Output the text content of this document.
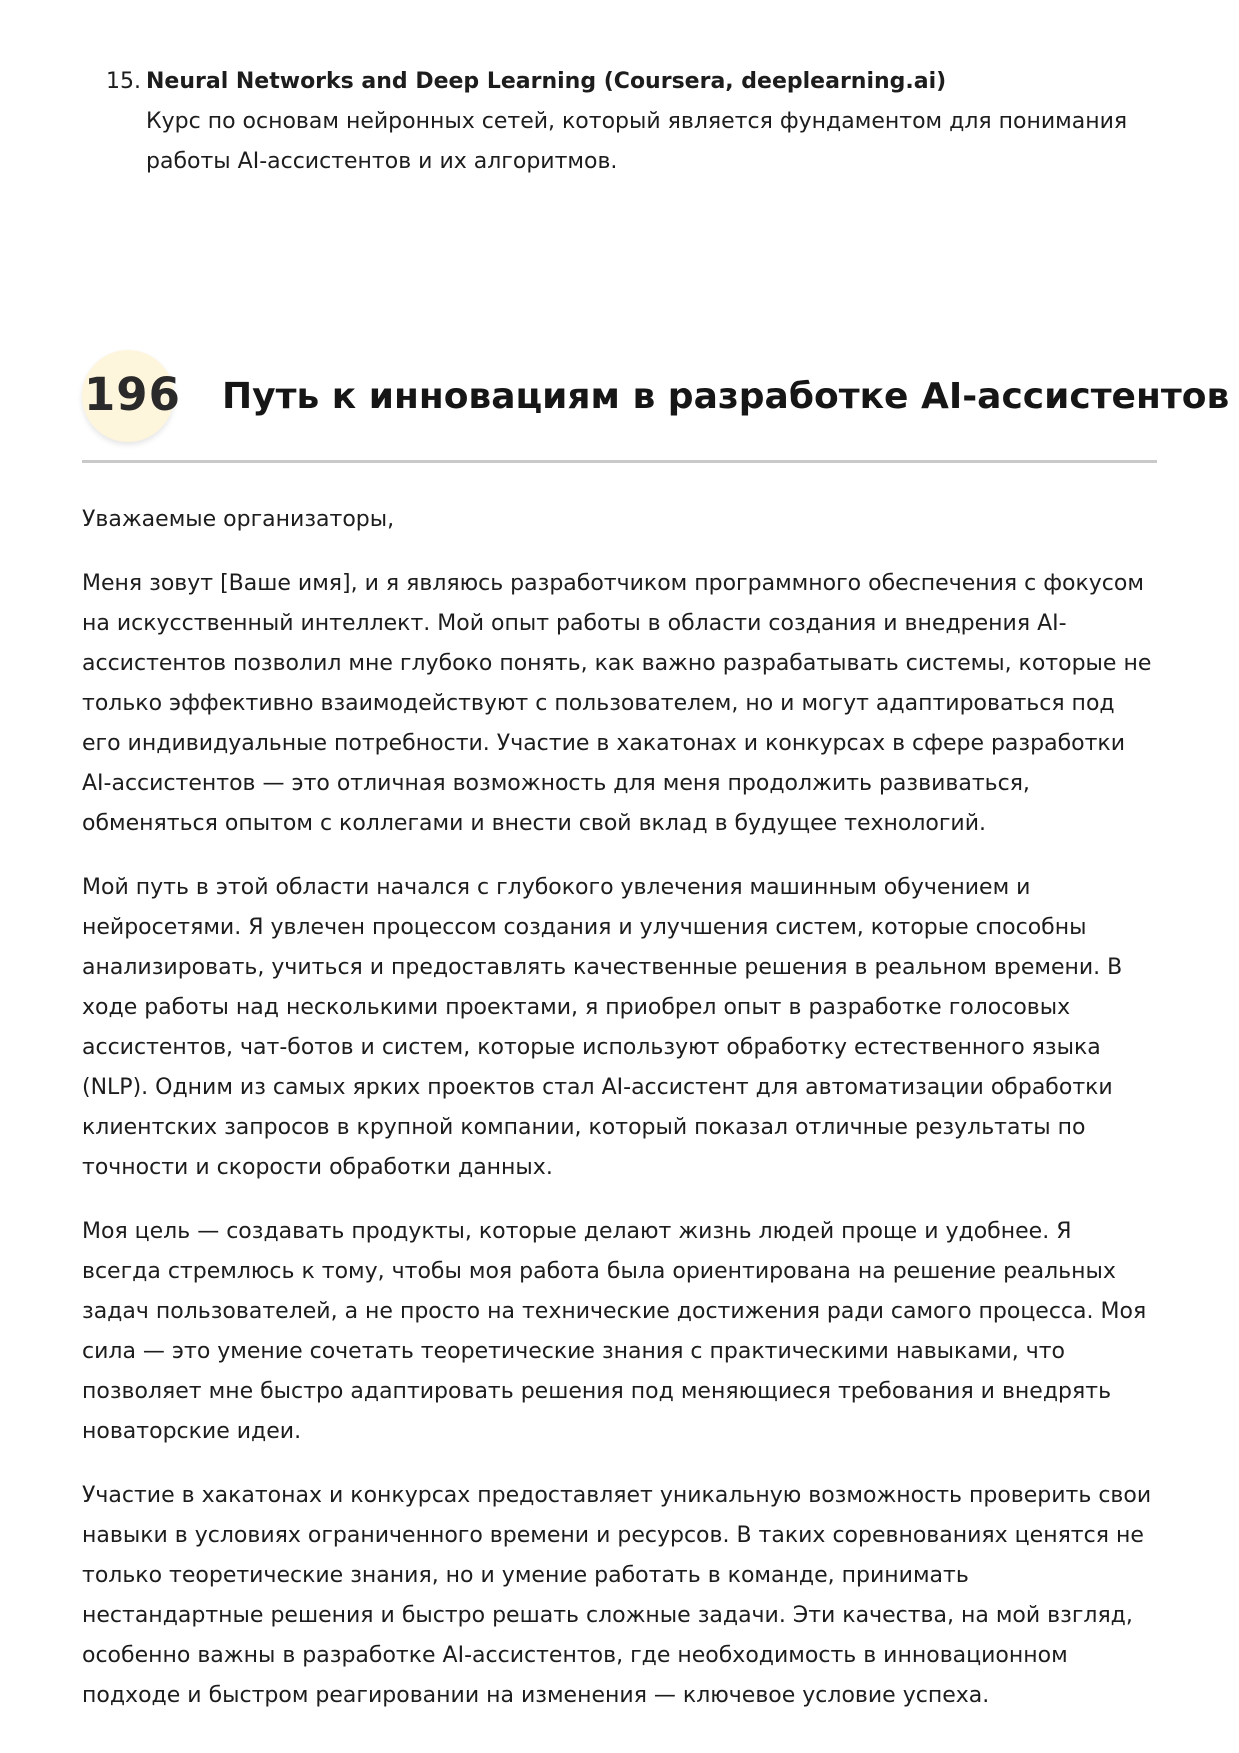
15. Neural Networks and Deep Learning (Coursera, deeplearning.ai)
Курс по основам нейронных сетей, который является фундаментом для понимания работы AI-ассистентов и их алгоритмов.
196 Путь к инновациям в разработке AI-ассистентов

Уважаемые организаторы,

Меня зовут [Ваше имя], и я являюсь разработчиком программного обеспечения с фокусом на искусственный интеллект. Мой опыт работы в области создания и внедрения AI-ассистентов позволил мне глубоко понять, как важно разрабатывать системы, которые не только эффективно взаимодействуют с пользователем, но и могут адаптироваться под его индивидуальные потребности. Участие в хакатонах и конкурсах в сфере разработки AI-ассистентов — это отличная возможность для меня продолжить развиваться, обменяться опытом с коллегами и внести свой вклад в будущее технологий.

Мой путь в этой области начался с глубокого увлечения машинным обучением и нейросетями. Я увлечен процессом создания и улучшения систем, которые способны анализировать, учиться и предоставлять качественные решения в реальном времени. В ходе работы над несколькими проектами, я приобрел опыт в разработке голосовых ассистентов, чат-ботов и систем, которые используют обработку естественного языка (NLP). Одним из самых ярких проектов стал AI-ассистент для автоматизации обработки клиентских запросов в крупной компании, который показал отличные результаты по точности и скорости обработки данных.

Моя цель — создавать продукты, которые делают жизнь людей проще и удобнее. Я всегда стремлюсь к тому, чтобы моя работа была ориентирована на решение реальных задач пользователей, а не просто на технические достижения ради самого процесса. Моя сила — это умение сочетать теоретические знания с практическими навыками, что позволяет мне быстро адаптировать решения под меняющиеся требования и внедрять новаторские идеи.

Участие в хакатонах и конкурсах предоставляет уникальную возможность проверить свои навыки в условиях ограниченного времени и ресурсов. В таких соревнованиях ценятся не только теоретические знания, но и умение работать в команде, принимать нестандартные решения и быстро решать сложные задачи. Эти качества, на мой взгляд, особенно важны в разработке AI-ассистентов, где необходимость в инновационном подходе и быстром реагировании на изменения — ключевое условие успеха.
